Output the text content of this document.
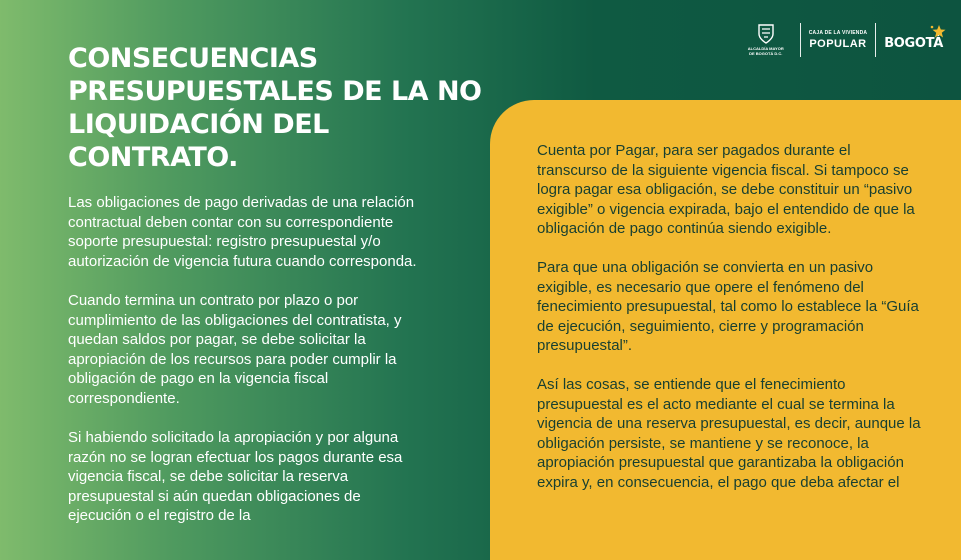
CONSECUENCIAS PRESUPUESTALES DE LA NO LIQUIDACIÓN DEL CONTRATO.

Las obligaciones de pago derivadas de una relación contractual deben contar con su correspondiente soporte presupuestal: registro presupuestal y/o autorización de vigencia futura cuando corresponda.

Cuando termina un contrato por plazo o por cumplimiento de las obligaciones del contratista, y quedan saldos por pagar, se debe solicitar la apropiación de los recursos para poder cumplir la obligación de pago en la vigencia fiscal correspondiente.

Si habiendo solicitado la apropiación y por alguna razón no se logran efectuar los pagos durante esa vigencia fiscal, se debe solicitar la reserva presupuestal si aún quedan obligaciones de ejecución o el registro de la

Cuenta por Pagar, para ser pagados durante el transcurso de la siguiente vigencia fiscal. Si tampoco se logra pagar esa obligación, se debe constituir un “pasivo exigible” o vigencia expirada, bajo el entendido de que la obligación de pago continúa siendo exigible.

Para que una obligación se convierta en un pasivo exigible, es necesario que opere el fenómeno del fenecimiento presupuestal, tal como lo establece la “Guía de ejecución, seguimiento, cierre y programación presupuestal”.

Así las cosas, se entiende que el fenecimiento presupuestal es el acto mediante el cual se termina la vigencia de una reserva presupuestal, es decir, aunque la obligación persiste, se mantiene y se reconoce, la apropiación presupuestal que garantizaba la obligación expira y, en consecuencia, el pago que deba afectar el

ALCALDÍA MAYOR
DE BOGOTÁ D.C.
CAJA DE LA VIVIENDA
POPULAR BOGOTÁ
